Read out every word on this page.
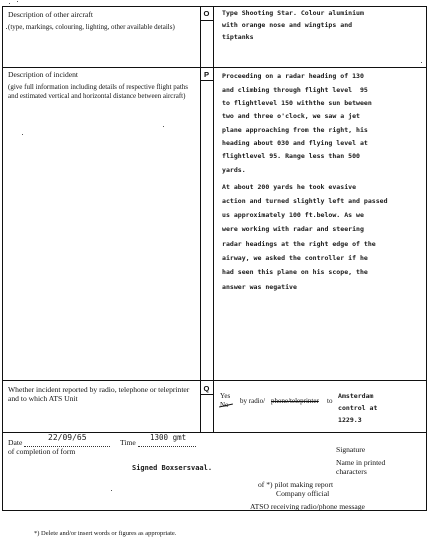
Description of other aircraft
(type, markings, colouring, lighting, other available details)
O	Type Shooting Star. Colour aluminium
with orange nose and wingtips and
tiptanks
Description of incident
(give full information including details of respective flight paths and estimated vertical and horizontal distance between aircraft)
P	Proceeding on a radar heading of 130
and climbing through flight level  95
to flightlevel 150 withthe sun between
two and three o'clock, we saw a jet
plane approaching from the right, his
heading about 030 and flying level at
flightlevel 95. Range less than 500
yards.
At about 200 yards he took evasive
action and turned slightly left and passed
us approximately 100 ft.below. As we
were working with radar and steering
radar headings at the right edge of the
airway, we asked the controller if he
had seen this plane on his scope, the
answer was negative
Whether incident reported by radio, telephone or teleprinter and to which ATS Unit
Q
Yes
by radio/ phone/teleprinter to
Amsterdam
control at
1229.3
Date
22/09/65
Time
1300 gmt
of completion of form
Signed Boxsersvaal.
Signature
Name in printed characters
of *) pilot making report
Company official
ATSO receiving radio/phone message
*) Delete and/or insert words or figures as appropriate.
